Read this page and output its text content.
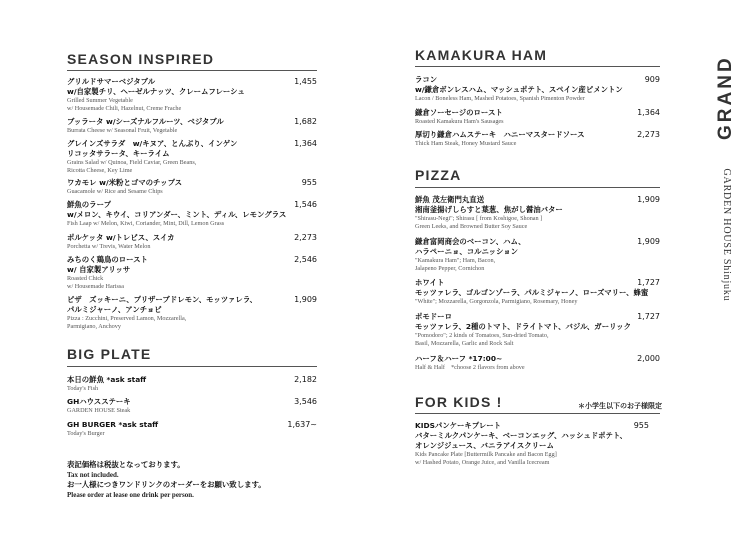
SEASON INSPIRED
グリルドサマーベジタブル
w/自家製チリ、ヘーゼルナッツ、クレームフレーシュ
Grilled Summer Vegetable
w/ Housemade Chili, Hazelnut, Creme Frache
1,455
ブッラータ w/シーズナルフルーツ、ベジタブル
Burrata Cheese w/ Seasonal Fruit, Vegetable
1,682
グレインズサラダ　w/キヌア、とんぶり、インゲン
リコッタサラータ、キーライム
Grains Salad w/ Quinoa, Field Caviar, Green Beans,
Ricotta Cheese, Key Lime
1,364
ワカモレ w/米粉とゴマのチップス
Guacamole w/ Rice and Sesame Chips
955
鮮魚のラープ
w/メロン、キウイ、コリアンダー、ミント、ディル、レモングラス
Fish Laap w/ Melon, Kiwi, Coriander, Mint, Dill, Lemon Grass
1,546
ポルケッタ w/トレビス、スイカ
Porchetta w/ Trevis, Water Melon
2,273
みちのく鶏鳥のロースト
w/ 自家製アリッサ
Roasted Chick
w/ Housemade Harissa
2,546
ピザ　ズッキーニ、プリザーブドレモン、モッツァレラ、
パルミジャーノ、アンチョビ
Pizza : Zucchini, Preserved Lamon, Mozzarella,
Parmigiano, Anchovy
1,909
BIG PLATE
本日の鮮魚 *ask staff
Today's Fish
2,182
GHハウスステーキ
GARDEN HOUSE Steak
3,546
GH BURGER *ask staff
Today's Burger
1,637~
表記価格は税抜となっております。
Tax not included.
お一人様につきワンドリンクのオーダーをお願い致します。
Please order at lease one drink per person.
KAMAKURA HAM
ラコン
w/鎌倉ボンレスハム、マッシュポテト、スペイン産ピメントン
Lacon / Boneless Ham, Mashed Potatoes, Spanish Pimenton Powder
909
鎌倉ソーセージのロースト
Roasted Kamakura Ham's Sausages
1,364
厚切り鎌倉ハムステーキ　ハニーマスタードソース
Thick Ham Steak, Honey Mustard Sauce
2,273
PIZZA
鮮魚 茂左衛門丸直送
湘南釜揚げしらすと葉葱、焦がし醤油バター
"Shirasu-Negi"; Shirasu [ from Koshigoe, Shonan ]
Green Leeks, and Browned Butter Soy Sauce
1,909
鎌倉富岡商会のベーコン、ハム、
ハラペーニョ、コルニッション
"Kamakura Ham"; Ham, Bacon,
Jalapeno Pepper, Cornichon
1,909
ホワイト
モッツァレラ、ゴルゴンゾーラ、パルミジャーノ、ローズマリー、蜂蜜
"White"; Mozzarella, Gorgonzola, Parmigiano, Rosemary, Honey
1,727
ポモドーロ
モッツァレラ、2種のトマト、ドライトマト、バジル、ガーリック
"Pomodoro"; 2 kinds of Tomatoes, Sun-dried Tomato,
Basil, Mozzarella, Garlic and Rock Salt
1,727
ハーフ＆ハーフ *17:00~
Half & Half　*choose 2 flavors from above
2,000
FOR KIDS !	＊小学生以下のお子様限定
KIDSパンケーキプレート
バターミルクパンケーキ、ベーコンエッグ、ハッシュドポテト、
オレンジジュース、バニラアイスクリーム
Kids Pancake Plate [Buttermilk Pancake and Bacon Egg]
w/ Hashed Potato, Orange Juice, and Vanilla Icecream
955
GRAND
GARDEN HOUSE Shinjuku
